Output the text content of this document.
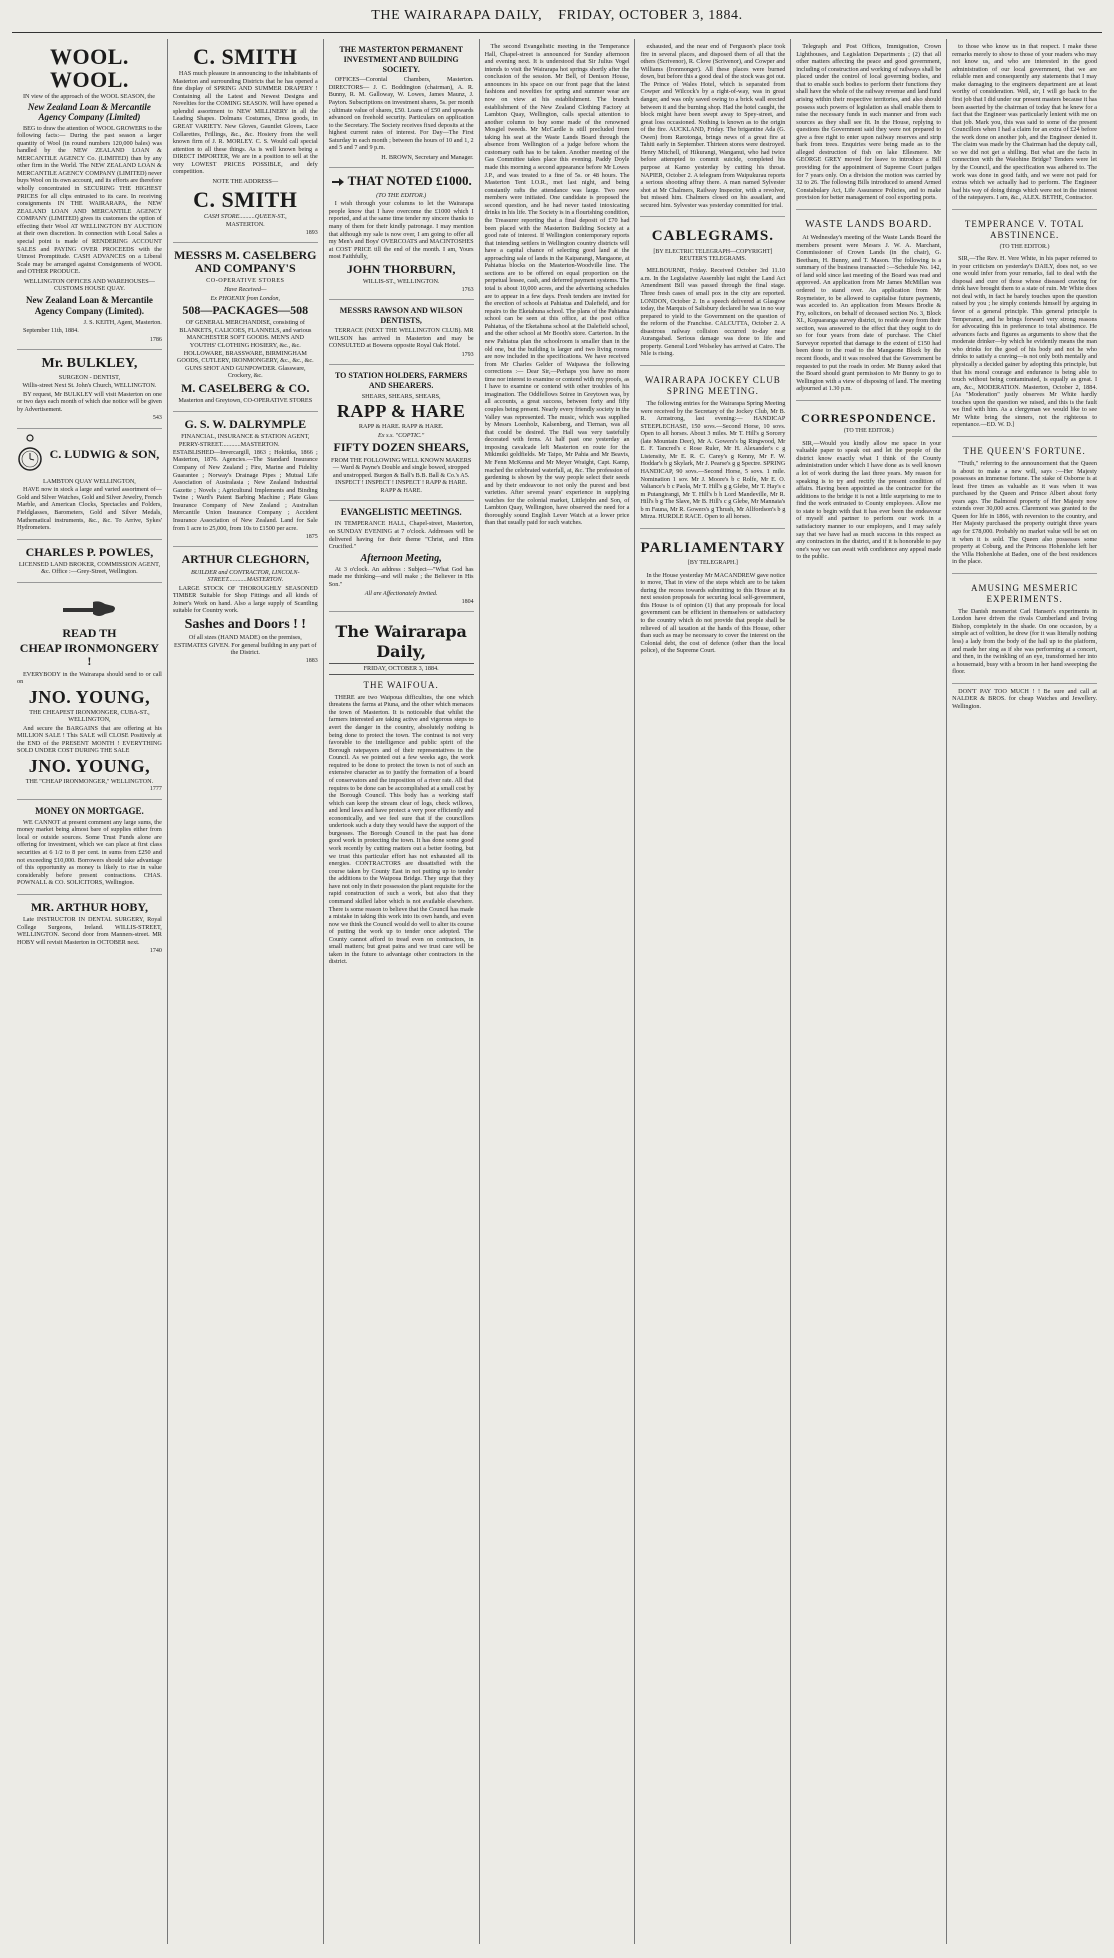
THE WAIRARAPA DAILY, FRIDAY, OCTOBER 3, 1884.
WOOL. WOOL.

IN view of the approach of the WOOL SEASON, the

New Zealand Loan & Mercantile Agency Company (Limited)

BEG to draw the attention of WOOL GROWERS to the following facts:— During the past season a larger quantity of Wool (in round numbers 120,000 bales) was handled by the NEW ZEALAND LOAN & MERCANTILE AGENCY Co. (LIMITED) than by any other firm in the World. The NEW ZEALAND LOAN & MERCANTILE AGENCY COMPANY (LIMITED) never buys Wool on its own account, and its efforts are therefore wholly concentrated in SECURING THE HIGHEST PRICES for all clips entrusted to its care. In receiving consignments IN THE WAIRARAPA, the NEW ZEALAND LOAN AND MERCANTILE AGENCY COMPANY (LIMITED) gives its customers the option of effecting their Wool AT WELLINGTON BY AUCTION at their own discretion. In connection with Local Sales a special point is made of RENDERING ACCOUNT SALES and PAYING OVER PROCEEDS with the Utmost Promptitude. CASH ADVANCES on a Liberal Scale may be arranged against Consignments of WOOL and OTHER PRODUCE.

WELLINGTON OFFICES AND WAREHOUSES— CUSTOMS HOUSE QUAY.

New Zealand Loan & Mercantile Agency Company (Limited).

J. S. KEITH, Agent, Masterton.

September 11th, 1884.

1786
Mr. BULKLEY,

SURGEON - DENTIST,

Willis-street Next St. John's Church, WELLINGTON.

BY request, Mr BULKLEY will visit Masterton on one or two days each month of which due notice will be given by Advertisement.

543
C. LUDWIG & SON,

LAMBTON QUAY WELLINGTON,

HAVE now in stock a large and varied assortment of— Gold and Silver Watches, Gold and Silver Jewelry, French Marble, and American Clocks, Spectacles and Folders, Fieldglasses, Barometers, Gold and Silver Medals, Mathematical instruments, &c., &c. To Arrive, Sykes' Hydrometers.

CHARLES P. POWLES,

LICENSED LAND BROKER, COMMISSION AGENT, &c. Office :—Grey-Street, Wellington.

READ TH
CHEAP IRONMONGERY !

EVERYBODY in the Wairarapa should send to or call on

JNO. YOUNG,

THE CHEAPEST IRONMONGER, CUBA-ST., WELLINGTON,

And secure the BARGAINS that are offering at his MILLION SALE ! This SALE will CLOSE Positively at the END of the PRESENT MONTH ! EVERYTHING SOLD UNDER COST DURING THE SALE

JNO. YOUNG,

THE "CHEAP IRONMONGER," WELLINGTON.

1777
MONEY ON MORTGAGE.

WE CANNOT at present comment any large sums, the money market being almost bare of supplies either from local or outside sources. Some Trust Funds alone are offering for investment, which we can place at first class securities at 6 1/2 to 8 per cent. in sums from £250 and not exceeding £10,000. Borrowers should take advantage of this opportunity as money is likely to rise in value considerably before present contractions. CHAS. POWNALL & CO. SOLICITORS, Wellington.

MR. ARTHUR HOBY,

Late INSTRUCTOR IN DENTAL SURGERY, Royal College Surgeons, Ireland. WILLIS-STREET, WELLINGTON. Second door from Manners-street. MR HOBY will revisit Masterton in OCTOBER next.

1740
C. SMITH

HAS much pleasure in announcing to the inhabitants of Masterton and surrounding Districts that he has opened a fine display of SPRING AND SUMMER DRAPERY ! Containing all the Latest and Newest Designs and Novelties for the COMING SEASON. Will have opened a splendid assortment to NEW MILLINERY in all the Leading Shapes. Dolmans Costumes, Dress goods, in GREAT VARIETY. New Gloves, Gauntlet Gloves, Lace Collarettes, Frillings, &c., &c. Hosiery from the well known firm of J. R. MORLEY. C. S. Would call special attention to all these things. As is well known being a DIRECT IMPORTER, We are in a position to sell at the very LOWEST PRICES POSSIBLE, and defy competition.

NOTE THE ADDRESS—

C. SMITH

CASH STORE..........QUEEN-ST.,

MASTERTON.

1893
MESSRS M. CASELBERG AND COMPANY'S

CO-OPERATIVE STORES

Have Received—

Ex PHOENIX from London,

508—PACKAGES—508

OF GENERAL MERCHANDISE, consisting of BLANKETS, CALICOES, FLANNELS, and various MANCHESTER SOFT GOODS. MEN'S AND YOUTHS' CLOTHING HOSIERY, &c., &c. HOLLOWARE, BRASSWARE, BIRMINGHAM GOODS, CUTLERY, IRONMONGERY, &c., &c., &c. GUNS SHOT AND GUNPOWDER. Glassware, Crockery, &c.

M. CASELBERG & CO.

Masterton and Greytown, CO-OPERATIVE STORES

G. S. W. DALRYMPLE

FINANCIAL, INSURANCE & STATION AGENT,

PERRY-STREET............MASTERTON. ESTABLISHED—Invercargill, 1863 ; Hokitika, 1866 ; Masterton, 1876. Agencies.—The Standard Insurance Company of New Zealand ; Fire, Marine and Fidelity Guarantee ; Norway's Drainage Pipes ; Mutual Life Association of Australasia ; New Zealand Industrial Gazette ; Novels ; Agricultural Implements and Binding Twine ; Ward's Patent Barbing Machine ; Plate Glass Insurance Company of New Zealand ; Australian Mercantile Union Insurance Company ; Accident Insurance Association of New Zealand. Land for Sale from 1 acre to 25,000, from 10s to £1500 per acre.

1875
ARTHUR CLEGHORN,

BUILDER and CONTRACTOR, LINCOLN-STREET............MASTERTON.

LARGE STOCK OF THOROUGHLY SEASONED TIMBER Suitable for Shop Fittings and all kinds of Joiner's Work on hand. Also a large supply of Scantling suitable for Country work.

Sashes and Doors ! !

Of all sizes (HAND MADE) on the premises, ESTIMATES GIVEN. For general building in any part of the District.

1883
THE MASTERTON PERMANENT INVESTMENT AND BUILDING SOCIETY.

OFFICES—Coronial Chambers, Masterton. DIRECTORS— J. C. Boddington (chairman), A. R. Bunny, R. M. Galloway, W. Lowes, James Maunz, J. Payton. Subscriptions on investment shares, 5s. per month ; ultimate value of shares, £50. Loans of £50 and upwards advanced on freehold security. Particulars on application to the Secretary. The Society receives fixed deposits at the highest current rates of interest. For Day—The First Saturday in each month ; between the hours of 10 and 1, 2 and 5 and 7 and 9 p.m.

H. BROWN, Secretary and Manager.

THAT NOTED £1000.

(TO THE EDITOR.)

I wish through your columns to let the Wairarapa people know that I have overcome the £1000 which I reported, and at the same time tender my sincere thanks to many of them for their kindly patronage. I may mention that although my sale is now over, I am going to offer all my Men's and Boys' OVERCOATS and MACINTOSHES at COST PRICE till the end of the month. I am, Yours most Faithfully,

JOHN THORBURN,

WILLIS-ST., WELLINGTON.

1763
MESSRS RAWSON AND WILSON DENTISTS,

TERRACE (NEXT THE WELLINGTON CLUB). MR WILSON has arrived in Masterton and may be CONSULTED at Bowens opposite Royal Oak Hotel.

1793
TO STATION HOLDERS, FARMERS AND SHEARERS.

SHEARS, SHEARS, SHEARS,

RAPP & HARE

RAPP & HARE. RAPP & HARE.

Ex s.s. "COPTIC."

FIFTY DOZEN SHEARS,

FROM THE FOLLOWING WELL KNOWN MAKERS— Ward & Payne's Double and single bowed, stropped and unstropped. Burgon & Ball's B.B. Ball & Co.'s A5. INSPECT ! INSPECT ! INSPECT ! RAPP & HARE. RAPP & HARE.

EVANGELISTIC MEETINGS.

IN TEMPERANCE HALL, Chapel-street, Masterton, on SUNDAY EVENING at 7 o'clock. Addresses will be delivered having for their theme "Christ, and Him Crucified."

Afternoon Meeting,

At 3 o'clock. An address : Subject—"What God has made me thinking—and will make ; the Believer in His Son."

All are Affectionately Invited.

1804
The Wairarapa Daily,
FRIDAY, OCTOBER 3, 1884.
THE WAIFOUA.

THERE are two Waipoua difficulties, the one which threatens the farms at Piuna, and the other which menaces the town of Masterton. It is noticeable that whilst the farmers interested are taking active and vigorous steps to avert the danger in the country, absolutely nothing is being done to protect the town. The contrast is not very favorable to the intelligence and public spirit of the Borough ratepayers and of their representatives in the Council. As we pointed out a few weeks ago, the work required to be done to protect the town is not of such an extensive character as to justify the formation of a board of conservators and the imposition of a river rate. All that requires to be done can be accomplished at a small cost by the Borough Council. This body has a working staff which can keep the stream clear of logs, check willows, and lend laws and have protect a very poor efficiently and economically, and we feel sure that if the councillors undertook such a duty they would have the support of the burgesses. The Borough Council in the past has done good work in protecting the town. It has done some good work recently by cutting matters out a better footing, but we trust this particular effort has not exhausted all its energies. CONTRACTORS are dissatisfied with the course taken by County East in not putting up to tender the additions to the Waipoua Bridge. They urge that they have not only in their possession the plant requisite for the rapid construction of such a work, but also that they command skilled labor which is not available elsewhere. There is some reason to believe that the Council has made a mistake in taking this work into its own hands, and even now we think the Council would do well to alter its course of putting the work up to tender once adopted. The County cannot afford to tread even on contractors, in small matters; but great pains and we trust care will be taken in the future to advantage other contractors in the district.

The second Evangelistic meeting in the Temperance Hall, Chapel-street is announced for Sunday afternoon and evening next. It is understood that Sir Julius Vogel intends to visit the Wairarapa hot springs shortly after the conclusion of the session. Mr Bell, of Denison House, announces in his space on our front page that the latest fashions and novelties for spring and summer wear are now on view at his establishment. The branch establishment of the New Zealand Clothing Factory at Lambton Quay, Wellington, calls special attention to another column to buy some made of the renowned Mosgiel tweeds. Mr McCardle is still precluded from taking his seat at the Waste Lands Board through the absence from Wellington of a judge before whom the customary oath has to be taken. Another meeting of the Gas Committee takes place this evening. Paddy Doyle made this morning a second appearance before Mr Lowes J.P., and was treated to a fine of 5s. or 48 hours. The Masterton Tent I.O.R., met last night, and being constantly rafts the attendance was large. Two new members were initiated. One candidate is proposed the second question, and he had never tasted intoxicating drinks in his life. The Society is in a flourishing condition, the Treasurer reporting that a final deposit of £70 had been placed with the Masterton Building Society at a good rate of interest. If Wellington contemporary reports that intending settlers in Wellington country districts will have a capital chance of selecting good land at the approaching sale of lands in the Kaiparangi, Mangaone, at Pahiatua blocks on the Masterton-Woodville line. The sections are to be offered on equal proportion on the perpetual lessee, cash, and deferred payment systems. The total is about 10,000 acres, and the advertising schedules are to appear in a few days. Fresh tenders are invited for the erection of schools at Pahiatua and Dalefield, and for repairs to the Eketahuna school. The plans of the Pahiatua school can be seen at this office, at the post office Pahiatua, of the Eketahuna school at the Dalefield school, and the other school at Mr Booth's store. Carterton. In the new Pahiatua plan the schoolroom is smaller than in the old one, but the building is larger and two living rooms are now included in the specifications. We have received from Mr Charles Gelder of Waipawa the following corrections :— Dear Sir,—Perhaps you have no more time nor interest to examine or contend with my proofs, as I have to examine or contend with other troubles of his imagination. The Oddfellows Soiree in Greytown was, by all accounts, a great success, between forty and fifty couples being present. Nearly every friendly society in the Valley was represented. The music, which was supplied by Messrs Loenholz, Kalsenberg, and Tiernan, was all that could be desired. The Hall was very tastefully decorated with ferns. At half past one yesterday an imposing cavalcade left Masterton en route for the Mikimiki goldfields. Mr Taipo, Mr Pahia and Mr Beavis, Mr Fenn McKenna and Mr Meyer Wraight, Capt. Kamp, reached the celebrated waterfall, at, &c. The profession of gardening is shown by the way people select their seeds and by their endeavour to not only the purest and best varieties. After several years' experience in supplying watches for the colonial market, Littlejohn and Son, of Lambton Quay, Wellington, have observed the need for a thoroughly sound English Lever Watch at a lower price than that usually paid for such watches.

exhausted, and the near end of Ferguson's place took fire in several places, and disposed them of all that the others (Scrivenor), R. Clove (Scrivenor), and Cowper and Williams (Ironmonger). All these places were burned down, but before this a good deal of the stock was got out. The Prince of Wales Hotel, which is separated from Cowper and Wilcock's by a right-of-way, was in great danger, and was only saved owing to a brick wall erected between it and the burning shop. Had the hotel caught, the block might have been swept away to Spey-street, and great loss occasioned. Nothing is known as to the origin of the fire. AUCKLAND, Friday. The brigantine Ada (G. Owen) from Rarotonga, brings news of a great fire at Tahiti early in September. Thirteen stores were destroyed. Henry Mitchell, of Hikurangi, Wanganui, who had twice before attempted to commit suicide, completed his purpose at Kamo yesterday by cutting his throat. NAPIER, October 2. A telegram from Waipukurau reports a serious shooting affray there. A man named Sylvester shot at Mr Chalmers, Railway Inspector, with a revolver, but missed him. Chalmers closed on his assailant, and secured him. Sylvester was yesterday committed for trial.

CABLEGRAMS.
[BY ELECTRIC TELEGRAPH—COPYRIGHT] REUTER'S TELEGRAMS.

MELBOURNE, Friday. Received October 3rd 11.10 a.m. In the Legislative Assembly last night the Land Act Amendment Bill was passed through the final stage. Three fresh cases of small pox in the city are reported. LONDON, October 2. In a speech delivered at Glasgow today, the Marquis of Salisbury declared he was in no way prepared to yield to the Government on the question of the reform of the Franchise. CALCUTTA, October 2. A disastrous railway collision occurred to-day near Aurangabad. Serious damage was done to life and property. General Lord Wolseley has arrived at Cairo. The Nile is rising.

WAIRARAPA JOCKEY CLUB SPRING MEETING.

The following entries for the Wairarapa Spring Meeting were received by the Secretary of the Jockey Club, Mr B. R. Armstrong, last evening:— HANDICAP STEEPLECHASE, 150 sovs.—Second Horse, 10 sovs. Open to all horses. About 3 miles. Mr T. Hill's g Sorcery (late Mountain Deer), Mr A. Gowers's bg Ringwood, Mr E. F. Tancred's c Rose Ruler, Mr H. Alexander's c g Listensity, Mr E. R. C. Carey's g Kenny, Mr F. W. Hoddar's b g Skylark, Mr J. Pearse's g g Spectre. SPRING HANDICAP, 90 sovs.—Second Horse, 5 sovs. 1 mile. Nomination 1 sov. Mr J. Moore's b c Rolfe, Mr E. O. Valiance's b c Paola, Mr T. Hill's g g Glebe, Mr T. Hay's c m Putangirangi, Mr T. Hill's b h Lord Mandeville, Mr R. Hill's b g The Slave, Mr B. Hill's c g Glebe, Mr Mannaia's b m Fauna, Mr R. Gowers's g Thrush, Mr Allfordson's b g Mirza. HURDLE RACE. Open to all horses.

PARLIAMENTARY
[BY TELEGRAPH.]

In the House yesterday Mr MACANDREW gave notice to move, That in view of the steps which are to be taken during the recess towards submitting to this House at its next session proposals for securing local self-government, this House is of opinion (1) that any proposals for local government can be efficient in themselves or satisfactory to the country which do not provide that people shall be relieved of all taxation at the hands of this House, other than such as may be necessary to cover the interest on the Colonial debt, the cost of defence (other than the local police), of the Supreme Court.

Telegraph and Post Offices, Immigration, Crown Lighthouses, and Legislation Departments ; (2) that all other matters affecting the peace and good government, including of construction and working of railways shall be placed under the control of local governing bodies, and that to enable such bodies to perform their functions they shall have the whole of the railway revenue and land fund arising within their respective territories, and also should possess such powers of legislation as shall enable them to raise the necessary funds in such manner and from such sources as they shall see fit. In the House, replying to questions the Government said they were not prepared to give a free right to enter upon railway reserves and strip bark from trees. Enquiries were being made as to the alleged destruction of fish on lake Ellesmere. Mr GEORGE GREY moved for leave to introduce a Bill providing for the appointment of Supreme Court judges for 7 years only. On a division the motion was carried by 32 to 26. The following Bills introduced to amend Armed Constabulary Act, Life Assurance Policies, and to make provision for better management of cool exporting ports.

WASTE LANDS BOARD.

At Wednesday's meeting of the Waste Lands Board the members present were Messrs J. W. A. Marchant, Commissioner of Crown Lands (in the chair), G. Beetham, H. Bunny, and T. Mason. The following is a summary of the business transacted :—Schedule No. 142, of land sold since last meeting of the Board was read and approved. An application from Mr James McMillan was ordered to stand over. An application from Mr Roymeister, to be allowed to capitalise future payments, was acceded to. An application from Messrs Brodie & Fry, solicitors, on behalf of deceased section No. 3, Block XI., Kopuaranga survey district, to reside away from their section, was answered to the effect that they ought to do so for four years from date of purchase. The Chief Surveyor reported that damage to the extent of £150 had been done to the road to the Mangaone Block by the recent floods, and it was resolved that the Government be requested to put the roads in order. Mr Bunny asked that the Board should grant permission to Mr Bunny to go to Wellington with a view of disposing of land. The meeting adjourned at 1.30 p.m.

CORRESPONDENCE.
(TO THE EDITOR.)

SIR,—Would you kindly allow me space in your valuable paper to speak out and let the people of the district know exactly what I think of the County administration under which I have done as is well known a lot of work during the last three years. My reason for speaking is to try and rectify the present condition of affairs. Having been appointed as the contractor for the additions to the bridge it is not a little surprising to me to find the work entrusted to County employees. Allow me to state to begin with that it has ever been the endeavour of myself and partner to perform our work in a satisfactory manner to our employers, and I may safely say that we have had as much success in this respect as any contractors in the district, and if it is honorable to pay one's way we can await with confidence any appeal made to the public.

to those who know us in that respect. I make these remarks merely to show to those of your readers who may not know us, and who are interested in the good administration of our local government, that we are reliable men and consequently any statements that I may make damaging to the engineers department are at least worthy of consideration. Well, sir, I will go back to the first job that I did under our present masters because it has been asserted by the chairman of today that he knew for a fact that the Engineer was particularly lenient with me on that job. Mark you, this was said to some of the present Councillors when I had a claim for an extra of £24 before the work done on another job, and the Engineer denied it. The claim was made by the Chairman had the deputy call, so we did not get a shilling. But what are the facts in connection with the Waiohine Bridge? Tenders were let by the Council, and the specification was adhered to. The work was done in good faith, and we were not paid for extras which we actually had to perform. The Engineer had his way of doing things which were not in the interest of the ratepayers. I am, &c., ALEX. BETHE, Contractor.

TEMPERANCE V. TOTAL ABSTINENCE.
(TO THE EDITOR.)

SIR,—The Rev. H. Vere White, in his paper referred to in your criticism on yesterday's DAILY, does not, so we one would infer from your remarks, fail to deal with the disposal and cure of those whose diseased craving for drink have brought them to a state of ruin. Mr White does not deal with, in fact he barely touches upon the question raised by you ; he simply contends himself by arguing in favor of a general principle. This general principle is Temperance, and he brings forward very strong reasons for advocating this in preference to total abstinence. He advances facts and figures as arguments to show that the moderate drinker—by which he evidently means the man who drinks for the good of his body and not he who drinks to satisfy a craving—is not only both mentally and physically a decided gainer by adopting this principle, but that his moral courage and endurance is being able to touch without being contaminated, is equally as great. I am, &c., MODERATION. Masterton, October 2, 1884. [As "Moderation" justly observes Mr White hardly touches upon the question we raised, and this is the fault we find with him. As a clergyman we would like to see Mr White bring the sinners, not the righteous to repentance.—ED. W. D.]

THE QUEEN'S FORTUNE.

"Truth," referring to the announcement that the Queen is about to make a new will, says :—Her Majesty possesses an immense fortune. The stake of Osborne is at least five times as valuable as it was when it was purchased by the Queen and Prince Albert about forty years ago. The Balmoral property of Her Majesty now extends over 30,000 acres. Claremont was granted to the Queen for life in 1866, with reversion to the country, and Her Majesty purchased the property outright three years ago for £78,000. Probably no market value will be set on it when it is sold. The Queen also possesses some property at Coburg, and the Princess Hohenlohe left her the Villa Hohenlohe at Baden, one of the best residences in the place.

AMUSING MESMERIC EXPERIMENTS.

The Danish mesmerist Carl Hansen's experiments in London have driven the rivals Cumberland and Irving Bishop, completely in the shade. On one occasion, by a simple act of volition, he drew (for it was literally nothing less) a lady from the body of the hall up to the platform, and made her sing as if she was performing at a concert, and then, in the twinkling of an eye, transformed her into a housemaid, busy with a broom in her hand sweeping the floor.

DON'T PAY TOO MUCH ! ! Be sure and call at NALDER & BROS. for cheap Watches and Jewellery. Wellington.
